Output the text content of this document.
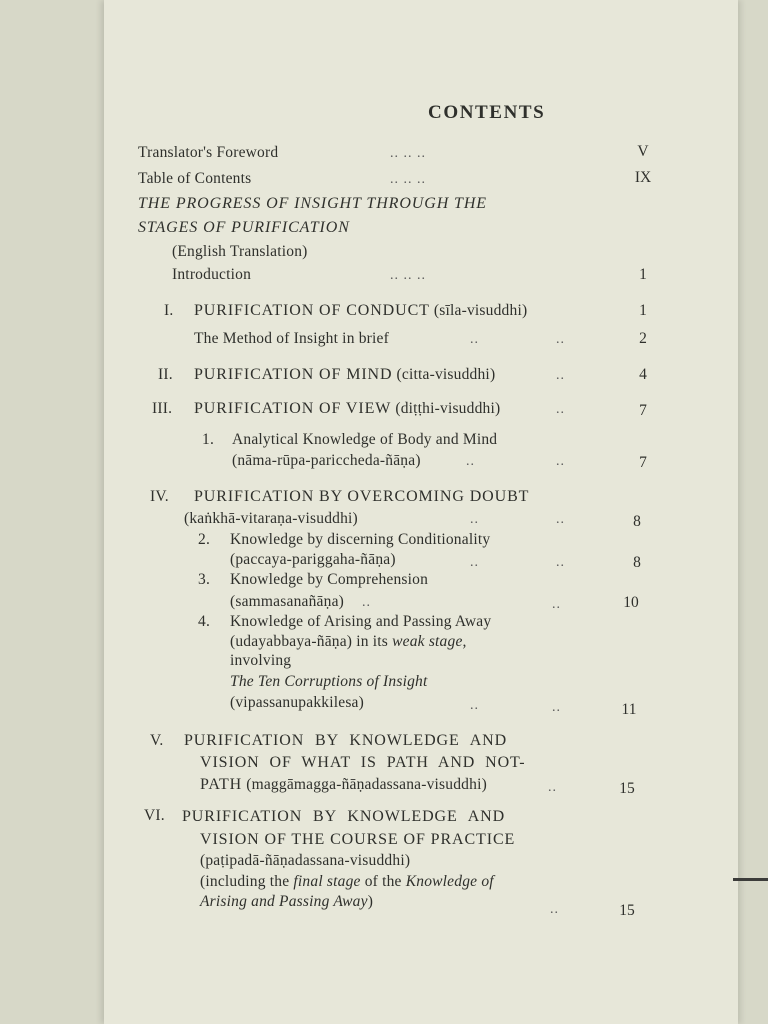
CONTENTS
Translator's Foreword	.. .. ..	V
Table of Contents	.. .. ..	IX
THE PROGRESS OF INSIGHT THROUGH THE
STAGES OF PURIFICATION
(English Translation)
Introduction	.. .. ..	1
I. PURIFICATION OF CONDUCT (sīla-visuddhi)	1
The Method of Insight in brief	..	..	2
II. PURIFICATION OF MIND (citta-visuddhi)	..	4
III. PURIFICATION OF VIEW (diṭṭhi-visuddhi)	..	7
1. Analytical Knowledge of Body and Mind
(nāma-rūpa-pariccheda-ñāṇa)	..	..	7
IV. PURIFICATION BY OVERCOMING DOUBT
(kaṅkhā-vitaraṇa-visuddhi)	..	..	8
2. Knowledge by discerning Conditionality
(paccaya-pariggaha-ñāṇa)	..	..	8
3. Knowledge by Comprehension
(sammasanañāṇa) ..	..	10
4. Knowledge of Arising and Passing Away
(udayabbaya-ñāṇa) in its weak stage,
involving
The Ten Corruptions of Insight
(vipassanupakkilesa)	..	..	11
V. PURIFICATION BY KNOWLEDGE AND
VISION OF WHAT IS PATH AND NOT-
PATH (maggāmagga-ñāṇadassana-visuddhi)	..	15
VI. PURIFICATION BY KNOWLEDGE AND
VISION OF THE COURSE OF PRACTICE
(paṭipadā-ñāṇadassana-visuddhi)
(including the final stage of the Knowledge of
Arising and Passing Away)	..	15
